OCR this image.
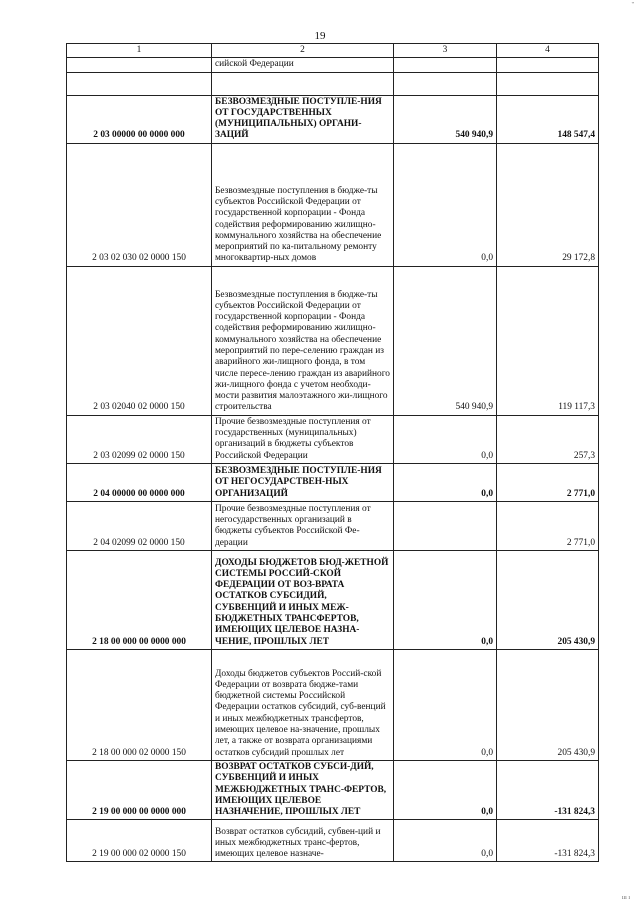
19
"
ııı ı
1	2	3	4
	сийской Федерации		

2 03 00000 00 0000 000	БЕЗВОЗМЕЗДНЫЕ ПОСТУПЛЕ-НИЯ ОТ ГОСУДАРСТВЕННЫХ (МУНИЦИПАЛЬНЫХ) ОРГАНИ-ЗАЦИЙ	540 940,9	148 547,4
2 03 02 030 02 0000 150	Безвозмездные поступления в бюдже-ты субъектов Российской Федерации от государственной корпорации - Фонда содействия реформированию жилищно-коммунального хозяйства на обеспечение мероприятий по ка-питальному ремонту многоквартир-ных домов	0,0	29 172,8
2 03 02040 02 0000 150	Безвозмездные поступления в бюдже-ты субъектов Российской Федерации от государственной корпорации - Фонда содействия реформированию жилищно-коммунального хозяйства на обеспечение мероприятий по пере-селению граждан из аварийного жи-лищного фонда, в том числе пересе-лению граждан из аварийного жи-лищного фонда с учетом необходи-мости развития малоэтажного жи-лищного строительства	540 940,9	119 117,3
2 03 02099 02 0000 150	Прочие безвозмездные поступления от государственных (муниципальных) организаций в бюджеты субъектов Российской Федерации	0,0	257,3
2 04 00000 00 0000 000	БЕЗВОЗМЕЗДНЫЕ ПОСТУПЛЕ-НИЯ ОТ НЕГОСУДАРСТВЕН-НЫХ ОРГАНИЗАЦИЙ	0,0	2 771,0
2 04 02099 02 0000 150	Прочие безвозмездные поступления от негосударственных организаций в бюджеты субъектов Российской Фе-дерации		2 771,0
2 18 00 000 00 0000 000	ДОХОДЫ БЮДЖЕТОВ БЮД-ЖЕТНОЙ СИСТЕМЫ РОССИЙ-СКОЙ ФЕДЕРАЦИИ ОТ ВОЗ-ВРАТА ОСТАТКОВ СУБСИДИЙ, СУБВЕНЦИЙ И ИНЫХ МЕЖ-БЮДЖЕТНЫХ ТРАНСФЕРТОВ, ИМЕЮЩИХ ЦЕЛЕВОЕ НАЗНА-ЧЕНИЕ, ПРОШЛЫХ ЛЕТ	0,0	205 430,9
2 18 00 000 02 0000 150	Доходы бюджетов субъектов Россий-ской Федерации от возврата бюдже-тами бюджетной системы Российской Федерации остатков субсидий, суб-венций и иных межбюджетных трансфертов, имеющих целевое на-значение, прошлых лет, а также от возврата организациями остатков субсидий прошлых лет	0,0	205 430,9
2 19 00 000 00 0000 000	ВОЗВРАТ ОСТАТКОВ СУБСИ-ДИЙ, СУБВЕНЦИЙ И ИНЫХ МЕЖБЮДЖЕТНЫХ ТРАНС-ФЕРТОВ, ИМЕЮЩИХ ЦЕЛЕВОЕ НАЗНАЧЕНИЕ, ПРОШЛЫХ ЛЕТ	0,0	-131 824,3
2 19 00 000 02 0000 150	Возврат остатков субсидий, субвен-ций и иных межбюджетных транс-фертов, имеющих целевое назначе-	0,0	-131 824,3
